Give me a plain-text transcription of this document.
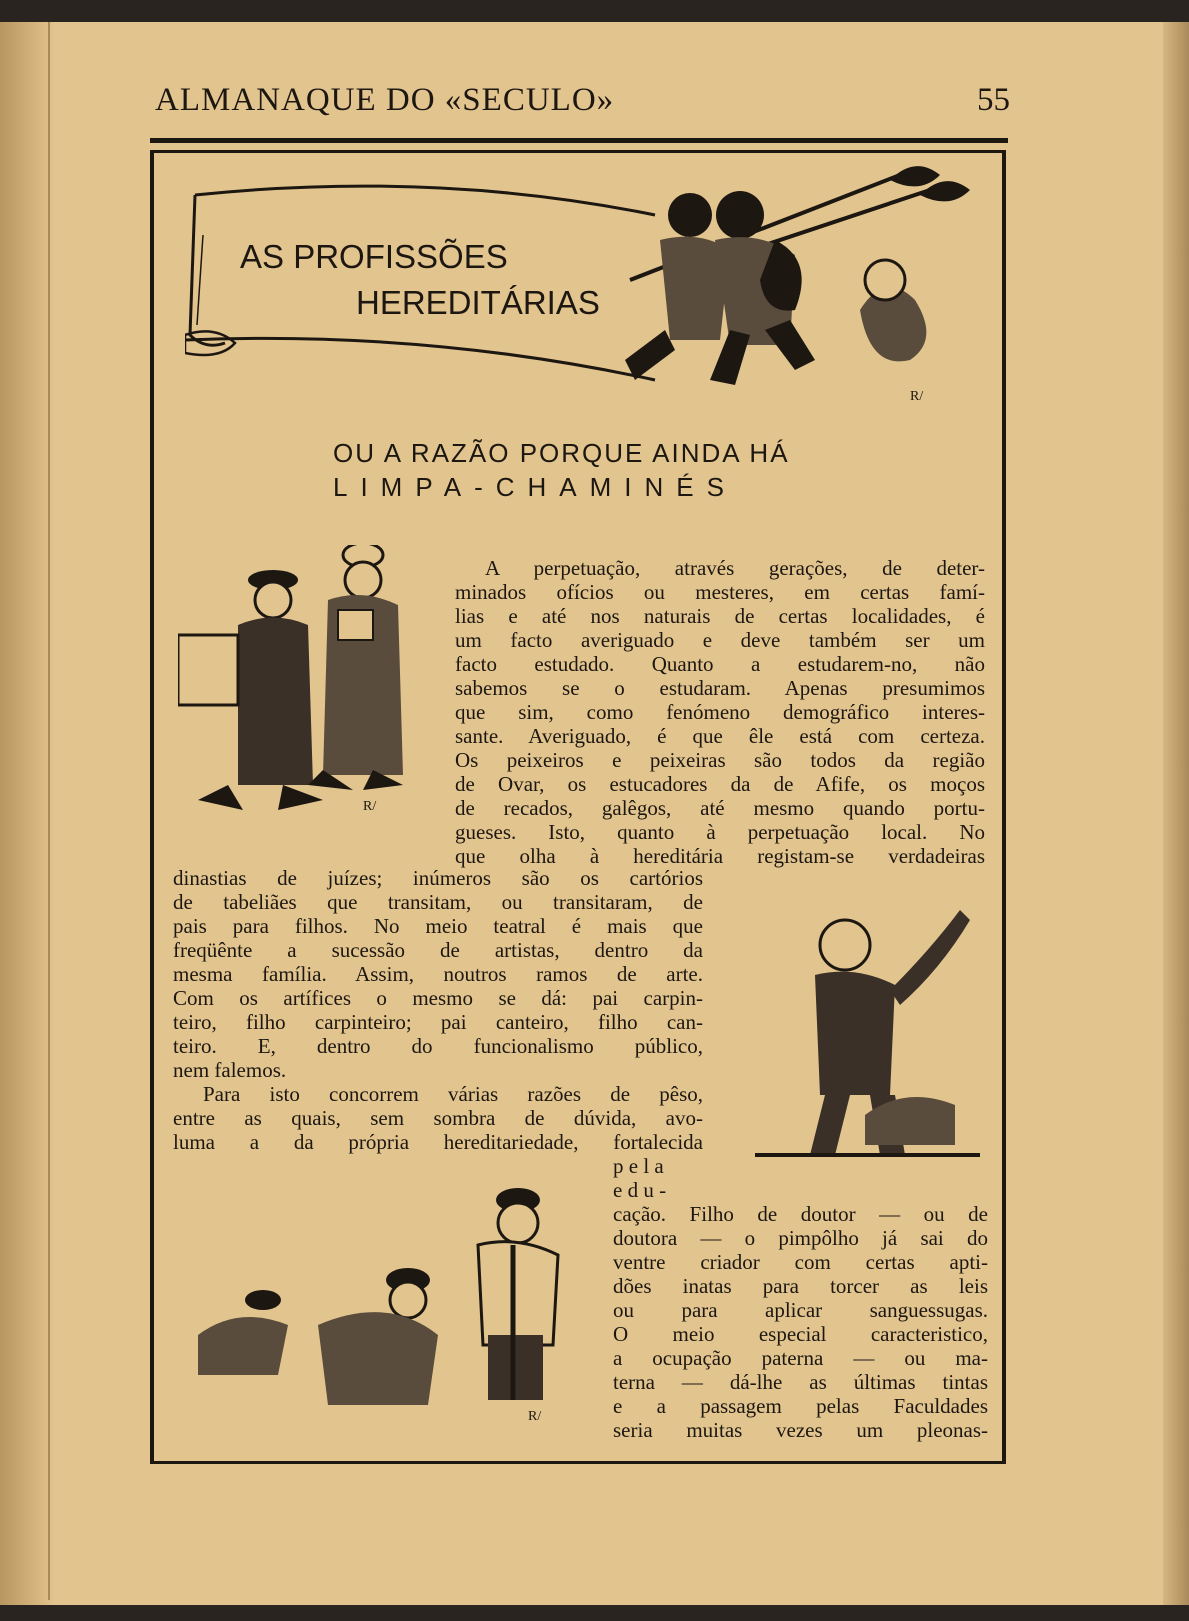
ALMANAQUE DO «SECULO»	55
AS PROFISSÕES
HEREDITÁRIAS
R/
OU A RAZÃO PORQUE AINDA HÁ
LIMPA-CHAMINÉS
R/
A perpetuação, através gerações, de deter-
minados ofícios ou mesteres, em certas famí-
lias e até nos naturais de certas localidades, é
um facto averiguado e deve também ser um
facto estudado. Quanto a estudarem-no, não
sabemos se o estudaram. Apenas presumimos
que sim, como fenómeno demográfico interes-
sante. Averiguado, é que êle está com certeza.
Os peixeiros e peixeiras são todos da região
de Ovar, os estucadores da de Afife, os moços
de recados, galêgos, até mesmo quando portu-
gueses. Isto, quanto à perpetuação local. No
que olha à hereditária registam-se verdadeiras
dinastias de juízes; inúmeros são os cartórios
de tabeliães que transitam, ou transitaram, de
pais para filhos. No meio teatral é mais que
freqüênte a sucessão de artistas, dentro da
mesma família. Assim, noutros ramos de arte.
Com os artífices o mesmo se dá: pai carpin-
teiro, filho carpinteiro; pai canteiro, filho can-
teiro. E, dentro do funcionalismo público,
nem falemos.
Para isto concorrem várias razões de pêso,
entre as quais, sem sombra de dúvida, avo-
luma a da própria hereditariedade, fortalecida
R/
p e l a
e d u -
cação. Filho de doutor — ou de
doutora — o pimpôlho já sai do
ventre criador com certas apti-
dões inatas para torcer as leis
ou para aplicar sanguessugas.
O meio especial caracteristico,
a ocupação paterna — ou ma-
terna — dá-lhe as últimas tintas
e a passagem pelas Faculdades
seria muitas vezes um pleonas-
